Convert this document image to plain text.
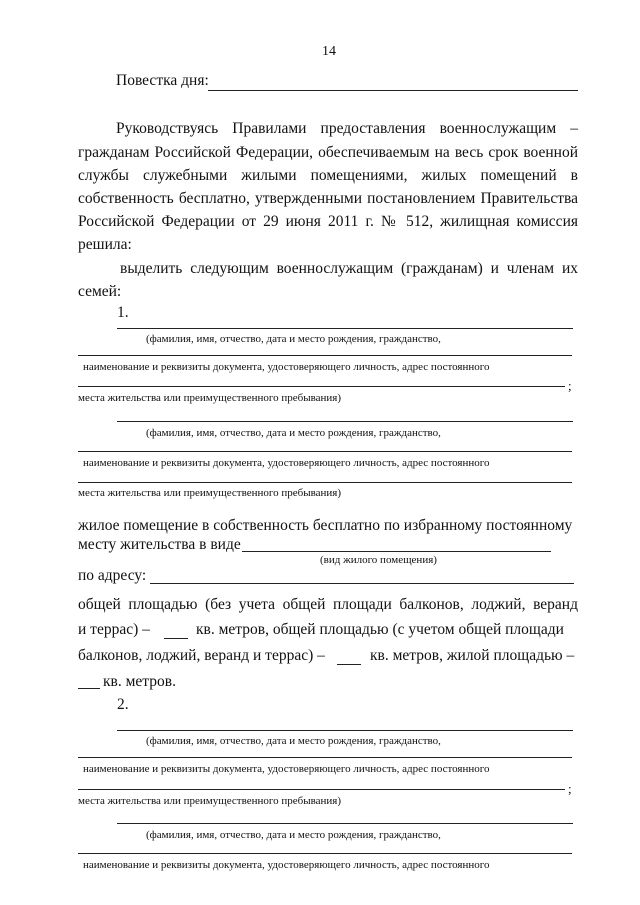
14
Повестка дня:
Руководствуясь Правилами предоставления военнослужащим –
гражданам Российской Федерации, обеспечиваемым на весь срок военной
службы служебными жилыми помещениями, жилых помещений в
собственность бесплатно, утвержденными постановлением Правительства
Российской Федерации от 29 июня 2011 г. № 512, жилищная комиссия
решила:
выделить следующим военнослужащим (гражданам) и членам их
семей:
1.
(фамилия, имя, отчество, дата и место рождения, гражданство,
наименование и реквизиты документа, удостоверяющего личность, адрес постоянного
;
места жительства или преимущественного пребывания)
(фамилия, имя, отчество, дата и место рождения, гражданство,
наименование и реквизиты документа, удостоверяющего личность, адрес постоянного
места жительства или преимущественного пребывания)
жилое помещение в собственность бесплатно по избранному постоянному
месту жительства в виде
(вид жилого помещения)
по адресу:
общей площадью (без учета общей площади балконов, лоджий, веранд
и террас) –	кв. метров, общей площадью (с учетом общей площади
балконов, лоджий, веранд и террас) –	кв. метров, жилой площадью –
кв. метров.
2.
(фамилия, имя, отчество, дата и место рождения, гражданство,
наименование и реквизиты документа, удостоверяющего личность, адрес постоянного
;
места жительства или преимущественного пребывания)
(фамилия, имя, отчество, дата и место рождения, гражданство,
наименование и реквизиты документа, удостоверяющего личность, адрес постоянного
